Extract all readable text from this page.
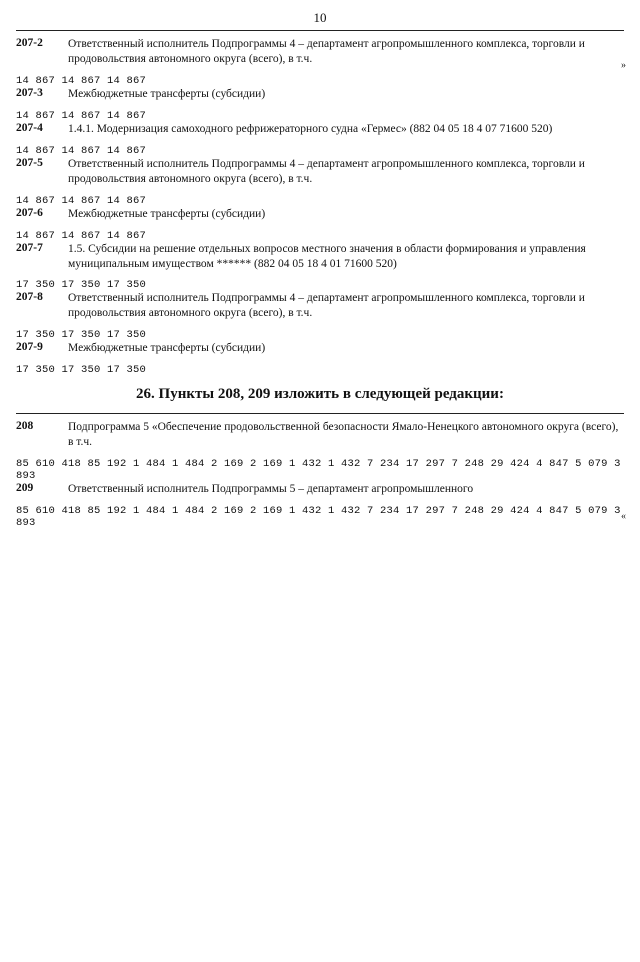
10
207-2	Ответственный исполнитель Подпрограммы 4 – департамент агропромышленного комплекса, торговли и продовольствия автономного округа (всего), в т.ч.
14 867 14 867 14 867
207-3	Межбюджетные трансферты (субсидии)
14 867 14 867 14 867
207-4	1.4.1. Модернизация самоходного рефрижераторного судна «Гермес» (882 04 05 18 4 07 71600 520)
14 867 14 867 14 867
207-5	Ответственный исполнитель Подпрограммы 4 – департамент агропромышленного комплекса, торговли и продовольствия автономного округа (всего), в т.ч.
14 867 14 867 14 867
207-6	Межбюджетные трансферты (субсидии)
14 867 14 867 14 867
207-7	1.5. Субсидии на решение отдельных вопросов местного значения в области формирования и управления муниципальным имуществом ****** (882 04 05 18 4 01 71600 520)
17 350 17 350 17 350
207-8	Ответственный исполнитель Подпрограммы 4 – департамент агропромышленного комплекса, торговли и продовольствия автономного округа (всего), в т.ч.
17 350 17 350 17 350
207-9	Межбюджетные трансферты (субсидии)
17 350 17 350 17 350
26. Пункты 208, 209 изложить в следующей редакции:
208	Подпрограмма 5 «Обеспечение продовольственной безопасности Ямало-Ненецкого автономного округа (всего), в т.ч.
85 610 418 85 192 1 484 1 484 2 169 2 169 1 432 1 432 7 234 17 297 7 248 29 424 4 847 5 079 3 893
209	Ответственный исполнитель Подпрограммы 5 – департамент агропромышленного
85 610 418 85 192 1 484 1 484 2 169 2 169 1 432 1 432 7 234 17 297 7 248 29 424 4 847 5 079 3 893
»
«
